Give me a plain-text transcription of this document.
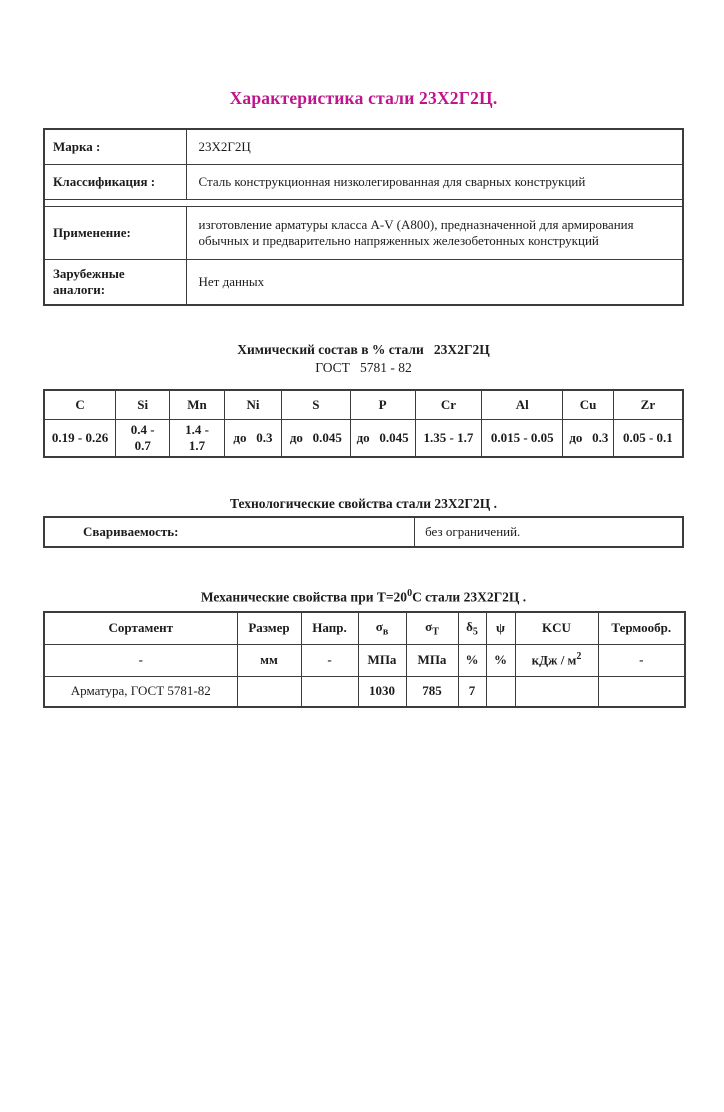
Характеристика стали 23Х2Г2Ц.
Марка :	23Х2Г2Ц
Классификация :	Сталь конструкционная низколегированная для сварных конструкций

Применение:	изготовление арматуры класса А-V (А800), предназначенной для армирования обычных и предварительно напряженных железобетонных конструкций
Зарубежные аналоги:	Нет данных
Химический состав в % стали   23Х2Г2Ц
ГОСТ   5781 - 82
C	Si	Mn	Ni	S	P	Cr	Al	Cu	Zr
0.19 - 0.26	0.4 - 0.7	1.4 - 1.7	до   0.3	до   0.045	до   0.045	1.35 - 1.7	0.015 - 0.05	до   0.3	0.05 - 0.1
Технологические свойства стали 23Х2Г2Ц .
Свариваемость:	без ограничений.
Механические свойства при $Т=20^0С$ стали 23Х2Г2Ц .
Сортамент	Размер	Напр.	$\sigma_в$	$\sigma_Т$	$\delta_5$	ψ	KCU	Термообр.
-	мм	-	МПа	МПа	%	%	кДж / $м^2$	-
Арматура, ГОСТ 5781-82			1030	785	7			
